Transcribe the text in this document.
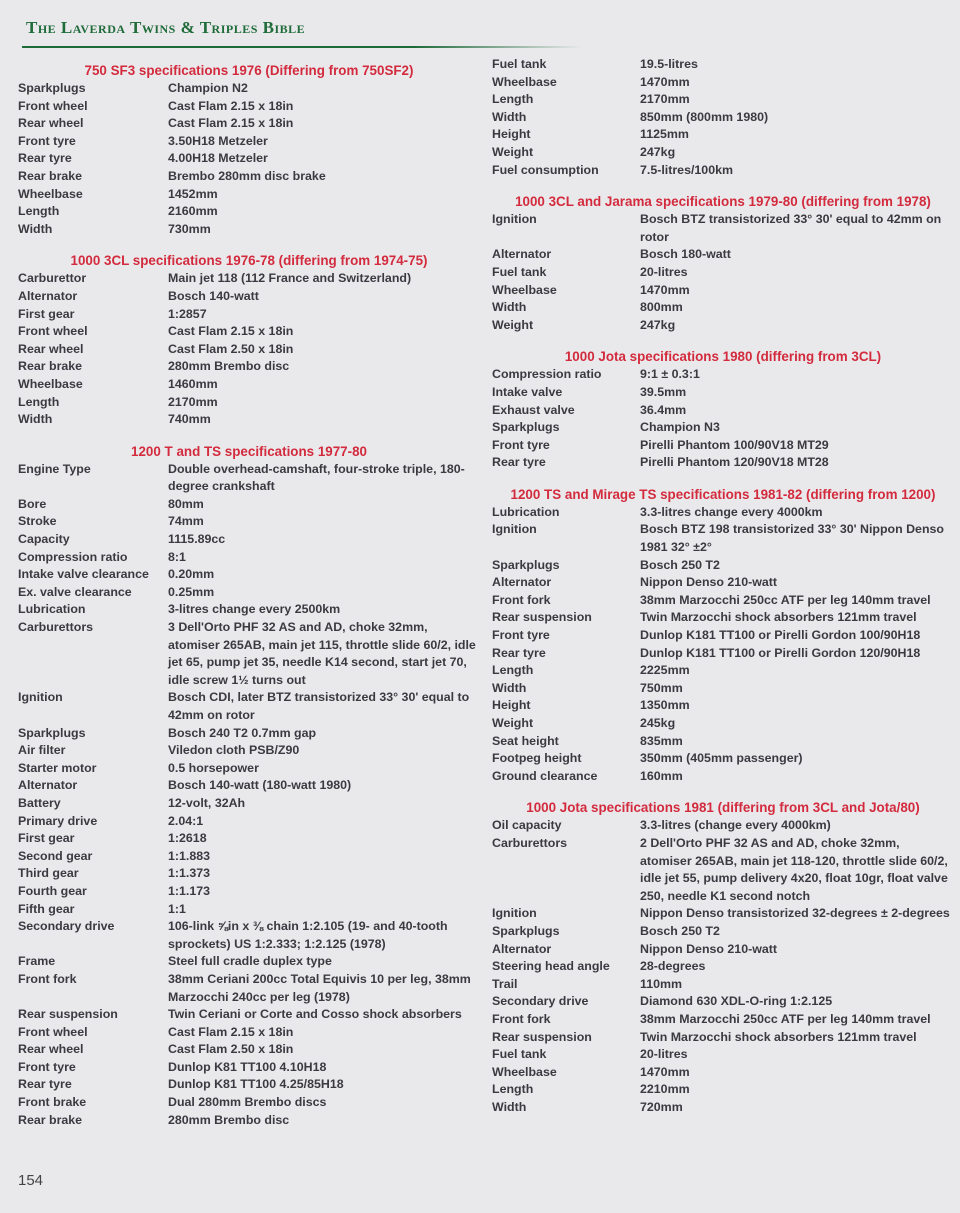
The Laverda Twins & Triples Bible
750 SF3 specifications 1976 (Differing from 750SF2)
Sparkplugs	Champion N2
Front wheel	Cast Flam 2.15 x 18in
Rear wheel	Cast Flam 2.15 x 18in
Front tyre	3.50H18 Metzeler
Rear tyre	4.00H18 Metzeler
Rear brake	Brembo 280mm disc brake
Wheelbase	1452mm
Length	2160mm
Width	730mm
1000 3CL specifications 1976-78 (differing from 1974-75)
Carburettor	Main jet 118 (112 France and Switzerland)
Alternator	Bosch 140-watt
First gear	1:2857
Front wheel	Cast Flam 2.15 x 18in
Rear wheel	Cast Flam 2.50 x 18in
Rear brake	280mm Brembo disc
Wheelbase	1460mm
Length	2170mm
Width	740mm
1200 T and TS specifications 1977-80
Engine Type	Double overhead-camshaft, four-stroke triple, 180-degree crankshaft
Bore	80mm
Stroke	74mm
Capacity	1115.89cc
Compression ratio	8:1
Intake valve clearance	0.20mm
Ex. valve clearance	0.25mm
Lubrication	3-litres change every 2500km
Carburettors	3 Dell'Orto PHF 32 AS and AD, choke 32mm, atomiser 265AB, main jet 115, throttle slide 60/2, idle jet 65, pump jet 35, needle K14 second, start jet 70, idle screw 1½ turns out
Ignition	Bosch CDI, later BTZ transistorized 33° 30' equal to 42mm on rotor
Sparkplugs	Bosch 240 T2 0.7mm gap
Air filter	Viledon cloth PSB/Z90
Starter motor	0.5 horsepower
Alternator	Bosch 140-watt (180-watt 1980)
Battery	12-volt, 32Ah
Primary drive	2.04:1
First gear	1:2618
Second gear	1:1.883
Third gear	1:1.373
Fourth gear	1:1.173
Fifth gear	1:1
Secondary drive	106-link ⅝in x ⅜ chain 1:2.105 (19- and 40-tooth sprockets) US 1:2.333; 1:2.125 (1978)
Frame	Steel full cradle duplex type
Front fork	38mm Ceriani 200cc Total Equivis 10 per leg, 38mm Marzocchi 240cc per leg (1978)
Rear suspension	Twin Ceriani or Corte and Cosso shock absorbers
Front wheel	Cast Flam 2.15 x 18in
Rear wheel	Cast Flam 2.50 x 18in
Front tyre	Dunlop K81 TT100 4.10H18
Rear tyre	Dunlop K81 TT100 4.25/85H18
Front brake	Dual 280mm Brembo discs
Rear brake	280mm Brembo disc
Fuel tank	19.5-litres
Wheelbase	1470mm
Length	2170mm
Width	850mm (800mm 1980)
Height	1125mm
Weight	247kg
Fuel consumption	7.5-litres/100km
1000 3CL and Jarama specifications 1979-80 (differing from 1978)
Ignition	Bosch BTZ transistorized 33° 30' equal to 42mm on rotor
Alternator	Bosch 180-watt
Fuel tank	20-litres
Wheelbase	1470mm
Width	800mm
Weight	247kg
1000 Jota specifications 1980 (differing from 3CL)
Compression ratio	9:1 ± 0.3:1
Intake valve	39.5mm
Exhaust valve	36.4mm
Sparkplugs	Champion N3
Front tyre	Pirelli Phantom 100/90V18 MT29
Rear tyre	Pirelli Phantom 120/90V18 MT28
1200 TS and Mirage TS specifications 1981-82 (differing from 1200)
Lubrication	3.3-litres change every 4000km
Ignition	Bosch BTZ 198 transistorized 33° 30' Nippon Denso 1981 32° ±2°
Sparkplugs	Bosch 250 T2
Alternator	Nippon Denso 210-watt
Front fork	38mm Marzocchi 250cc ATF per leg 140mm travel
Rear suspension	Twin Marzocchi shock absorbers 121mm travel
Front tyre	Dunlop K181 TT100 or Pirelli Gordon 100/90H18
Rear tyre	Dunlop K181 TT100 or Pirelli Gordon 120/90H18
Length	2225mm
Width	750mm
Height	1350mm
Weight	245kg
Seat height	835mm
Footpeg height	350mm (405mm passenger)
Ground clearance	160mm
1000 Jota specifications 1981 (differing from 3CL and Jota/80)
Oil capacity	3.3-litres (change every 4000km)
Carburettors	2 Dell'Orto PHF 32 AS and AD, choke 32mm, atomiser 265AB, main jet 118-120, throttle slide 60/2, idle jet 55, pump delivery 4x20, float 10gr, float valve 250, needle K1 second notch
Ignition	Nippon Denso transistorized 32-degrees ± 2-degrees
Sparkplugs	Bosch 250 T2
Alternator	Nippon Denso 210-watt
Steering head angle	28-degrees
Trail	110mm
Secondary drive	Diamond 630 XDL-O-ring 1:2.125
Front fork	38mm Marzocchi 250cc ATF per leg 140mm travel
Rear suspension	Twin Marzocchi shock absorbers 121mm travel
Fuel tank	20-litres
Wheelbase	1470mm
Length	2210mm
Width	720mm
154
